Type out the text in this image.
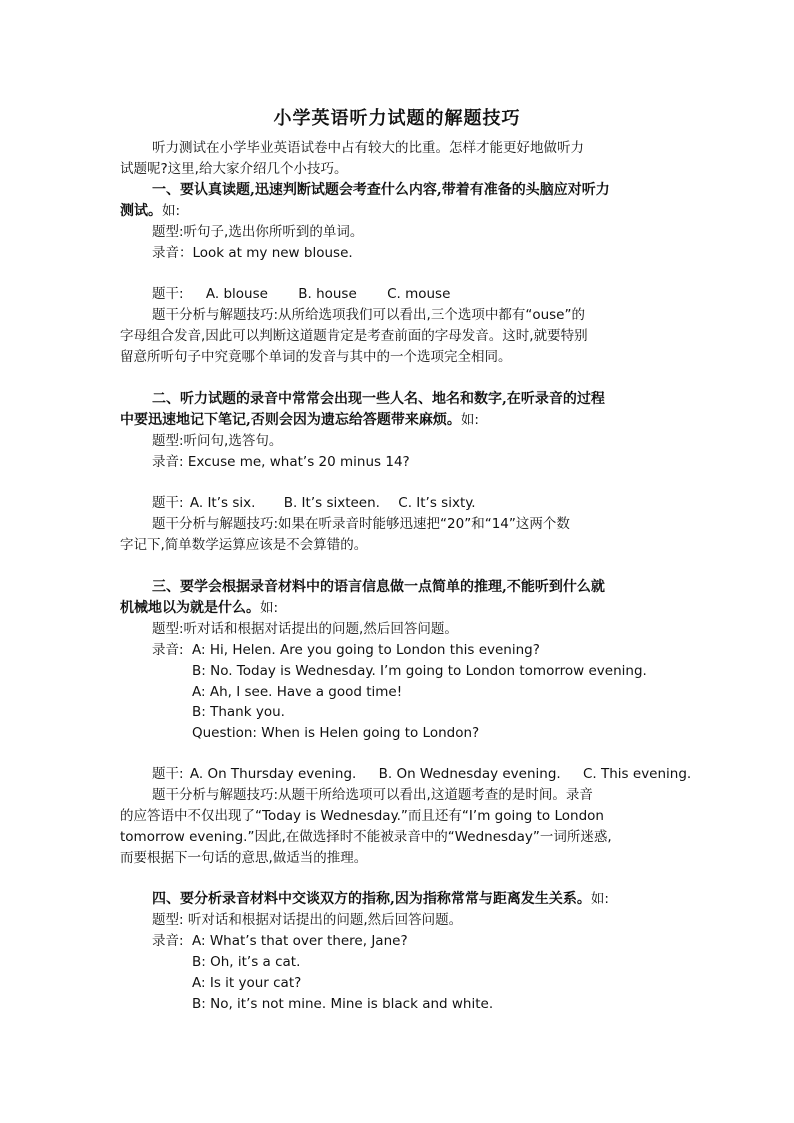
小学英语听力试题的解题技巧
听力测试在小学毕业英语试卷中占有较大的比重。怎样才能更好地做听力
试题呢?这里,给大家介绍几个小技巧。
一、要认真读题,迅速判断试题会考查什么内容,带着有准备的头脑应对听力
测试。如:
题型:听句子,选出你所听到的单词。
录音：Look at my new blouse.
题干: A. blouse B. house C. mouse
题干分析与解题技巧:从所给选项我们可以看出,三个选项中都有“ouse”的
字母组合发音,因此可以判断这道题肯定是考查前面的字母发音。这时,就要特别
留意所听句子中究竟哪个单词的发音与其中的一个选项完全相同。
二、听力试题的录音中常常会出现一些人名、地名和数字,在听录音的过程
中要迅速地记下笔记,否则会因为遗忘给答题带来麻烦。如:
题型:听问句,选答句。
录音: Excuse me, what’s 20 minus 14?
题干: A. It’s six. B. It’s sixteen. C. It’s sixty.
题干分析与解题技巧:如果在听录音时能够迅速把“20”和“14”这两个数
字记下,简单数学运算应该是不会算错的。
三、要学会根据录音材料中的语言信息做一点简单的推理,不能听到什么就
机械地以为就是什么。如:
题型:听对话和根据对话提出的问题,然后回答问题。
录音: A: Hi, Helen. Are you going to London this evening?
B: No. Today is Wednesday. I’m going to London tomorrow evening.
A: Ah, I see. Have a good time!
B: Thank you.
Question: When is Helen going to London?
题干: A. On Thursday evening. B. On Wednesday evening. C. This evening.
题干分析与解题技巧:从题干所给选项可以看出,这道题考查的是时间。录音
的应答语中不仅出现了“Today is Wednesday.”而且还有“I’m going to London
tomorrow evening.”因此,在做选择时不能被录音中的“Wednesday”一词所迷惑,
而要根据下一句话的意思,做适当的推理。
四、要分析录音材料中交谈双方的指称,因为指称常常与距离发生关系。如:
题型: 听对话和根据对话提出的问题,然后回答问题。
录音: A: What’s that over there, Jane?
B: Oh, it’s a cat.
A: Is it your cat?
B: No, it’s not mine. Mine is black and white.
